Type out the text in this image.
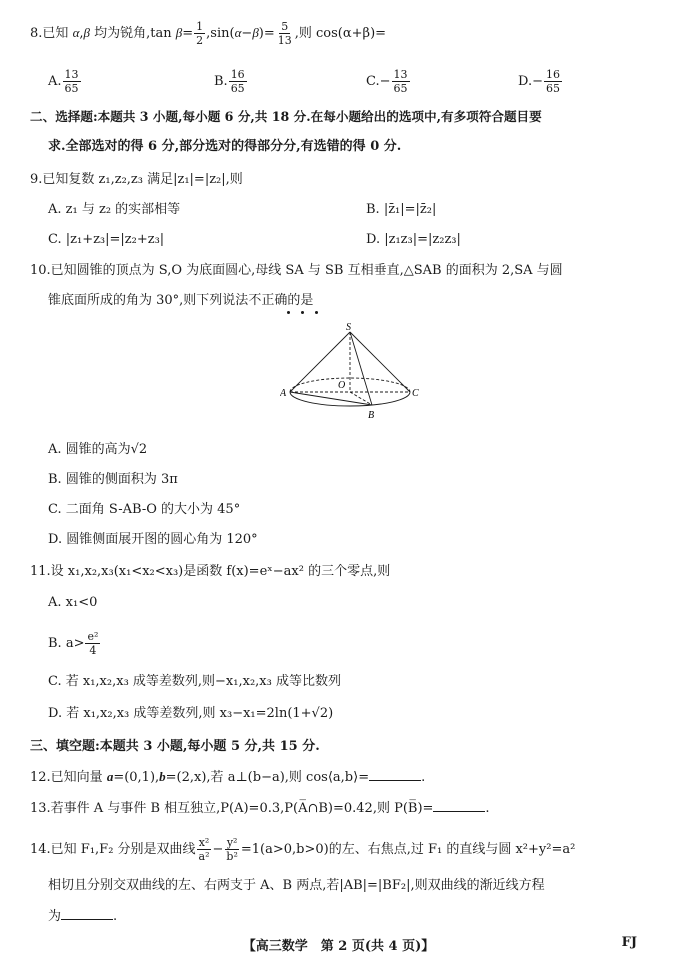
8.已知 α,β 均为锐角,tan $\beta= \frac{1}{2} ,\sin(\alpha-\beta)= \frac{5}{13}$ ,则 cos(α+β)=
A. $\frac{13}{65}$	B. $\frac{16}{65}$	$C.- \frac{13}{65}$	$D.- \frac{16}{65}$
二、选择题:本题共 3 小题,每小题 6 分,共 18 分.在每小题给出的选项中,有多项符合题目要
求.全部选对的得 6 分,部分选对的得部分分,有选错的得 0 分.
9.已知复数 z₁,z₂,z₃ 满足|z₁|=|z₂|,则
A. z₁ 与 z₂ 的实部相等	B. |z̄₁|=|z̄₂|
C. |z₁+z₃|=|z₂+z₃|	D. |z₁z₃|=|z₂z₃|
10.已知圆锥的顶点为 S,O 为底面圆心,母线 SA 与 SB 互相垂直,△SAB 的面积为 2,SA 与圆
锥底面所成的角为 30°,则下列说法不正确的是
S
A	C
B
O
A. 圆锥的高为√2
B. 圆锥的侧面积为 3π
C. 二面角 S-AB-O 的大小为 45°
D. 圆锥侧面展开图的圆心角为 120°
11.设 x₁,x₂,x₃(x₁<x₂<x₃)是函数 f(x)=eˣ−ax² 的三个零点,则
A. x₁<0
B. $a> \frac{\text{e²}}{4}$
C. 若 x₁,x₂,x₃ 成等差数列,则−x₁,x₂,x₃ 成等比数列
D. 若 x₁,x₂,x₃ 成等差数列,则 x₃−x₁=2ln(1+√2)
三、填空题:本题共 3 小题,每小题 5 分,共 15 分.
12.已知向量 a=(0,1),b=(2,x),若 a⊥(b−a),则 cos⟨a,b⟩=	.
13.若事件 A 与事件 B 相互独立,P(A)=0.3,P(A̅∩B)=0.42,则 P(B̅)=	.
14.已知 F₁,F₂ 分别是双曲线 $\frac{\text{x²}}{\text{a²}} - \frac{\text{y²}}{\text{b²}} =1(a>0,b>0)$的左、右焦点,过 F₁ 的直线与圆 x²+y²=a²
相切且分别交双曲线的左、右两支于 A、B 两点,若|AB|=|BF₂|,则双曲线的渐近线方程
为	.
【高三数学　第 2 页(共 4 页)】	FJ
